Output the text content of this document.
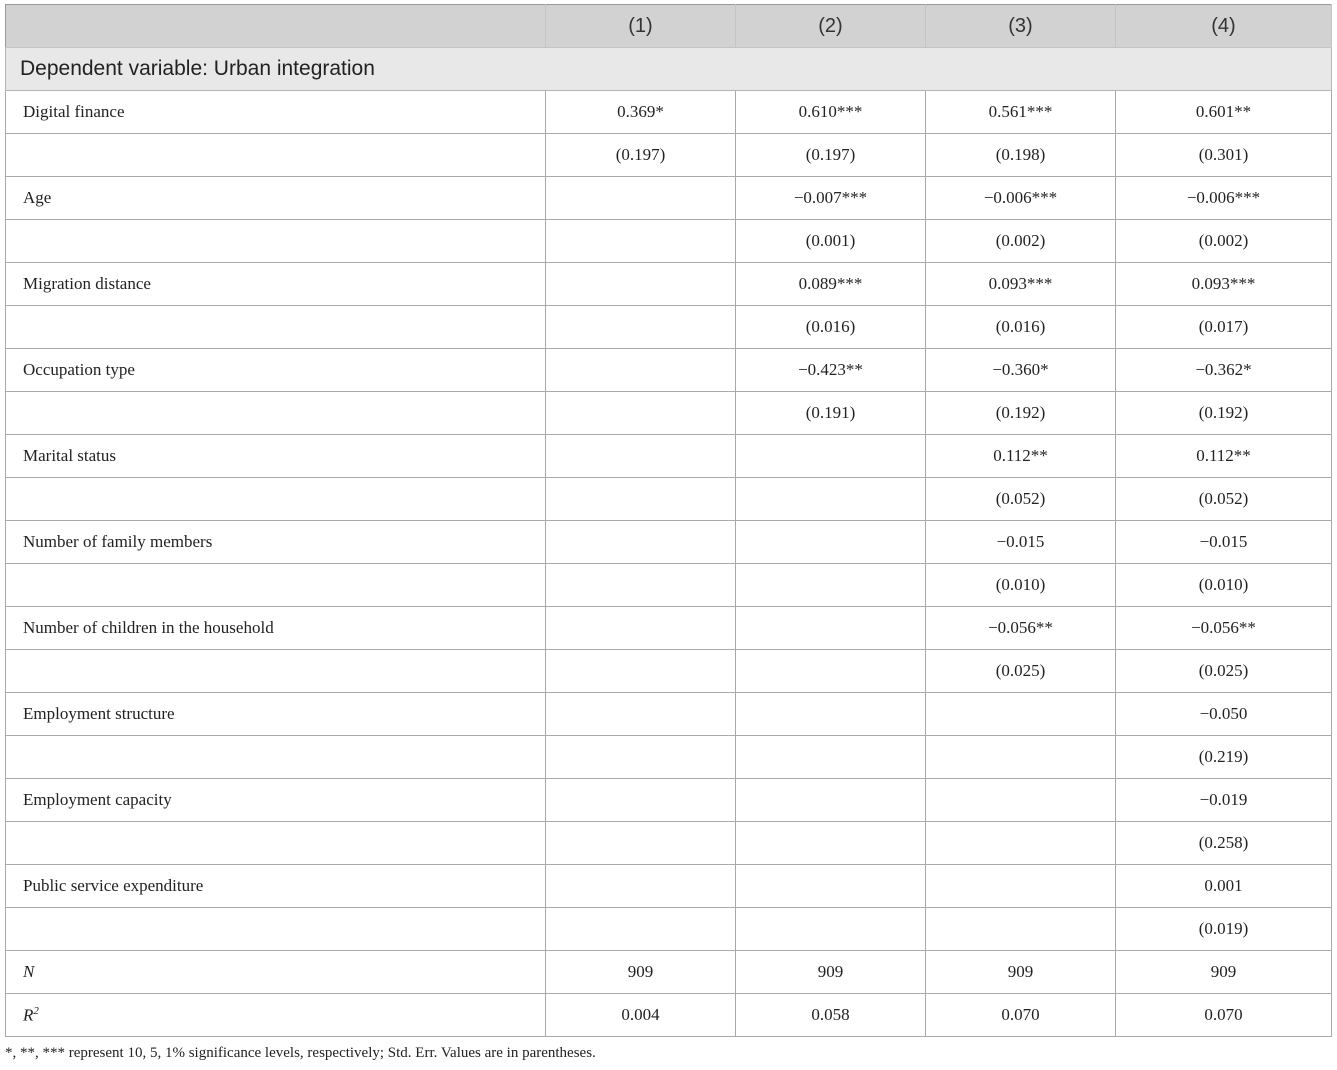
	(1)	(2)	(3)	(4)
Dependent variable: Urban integration				
Digital finance	0.369*	0.610***	0.561***	0.601**
	(0.197)	(0.197)	(0.198)	(0.301)
Age		−0.007***	−0.006***	−0.006***
		(0.001)	(0.002)	(0.002)
Migration distance		0.089***	0.093***	0.093***
		(0.016)	(0.016)	(0.017)
Occupation type		−0.423**	−0.360*	−0.362*
		(0.191)	(0.192)	(0.192)
Marital status			0.112**	0.112**
			(0.052)	(0.052)
Number of family members			−0.015	−0.015
			(0.010)	(0.010)
Number of children in the household			−0.056**	−0.056**
			(0.025)	(0.025)
Employment structure				−0.050
				(0.219)
Employment capacity				−0.019
				(0.258)
Public service expenditure				0.001
				(0.019)
N	909	909	909	909
$R^2$	0.004	0.058	0.070	0.070
*, **, *** represent 10, 5, 1% significance levels, respectively; Std. Err. Values are in parentheses.
